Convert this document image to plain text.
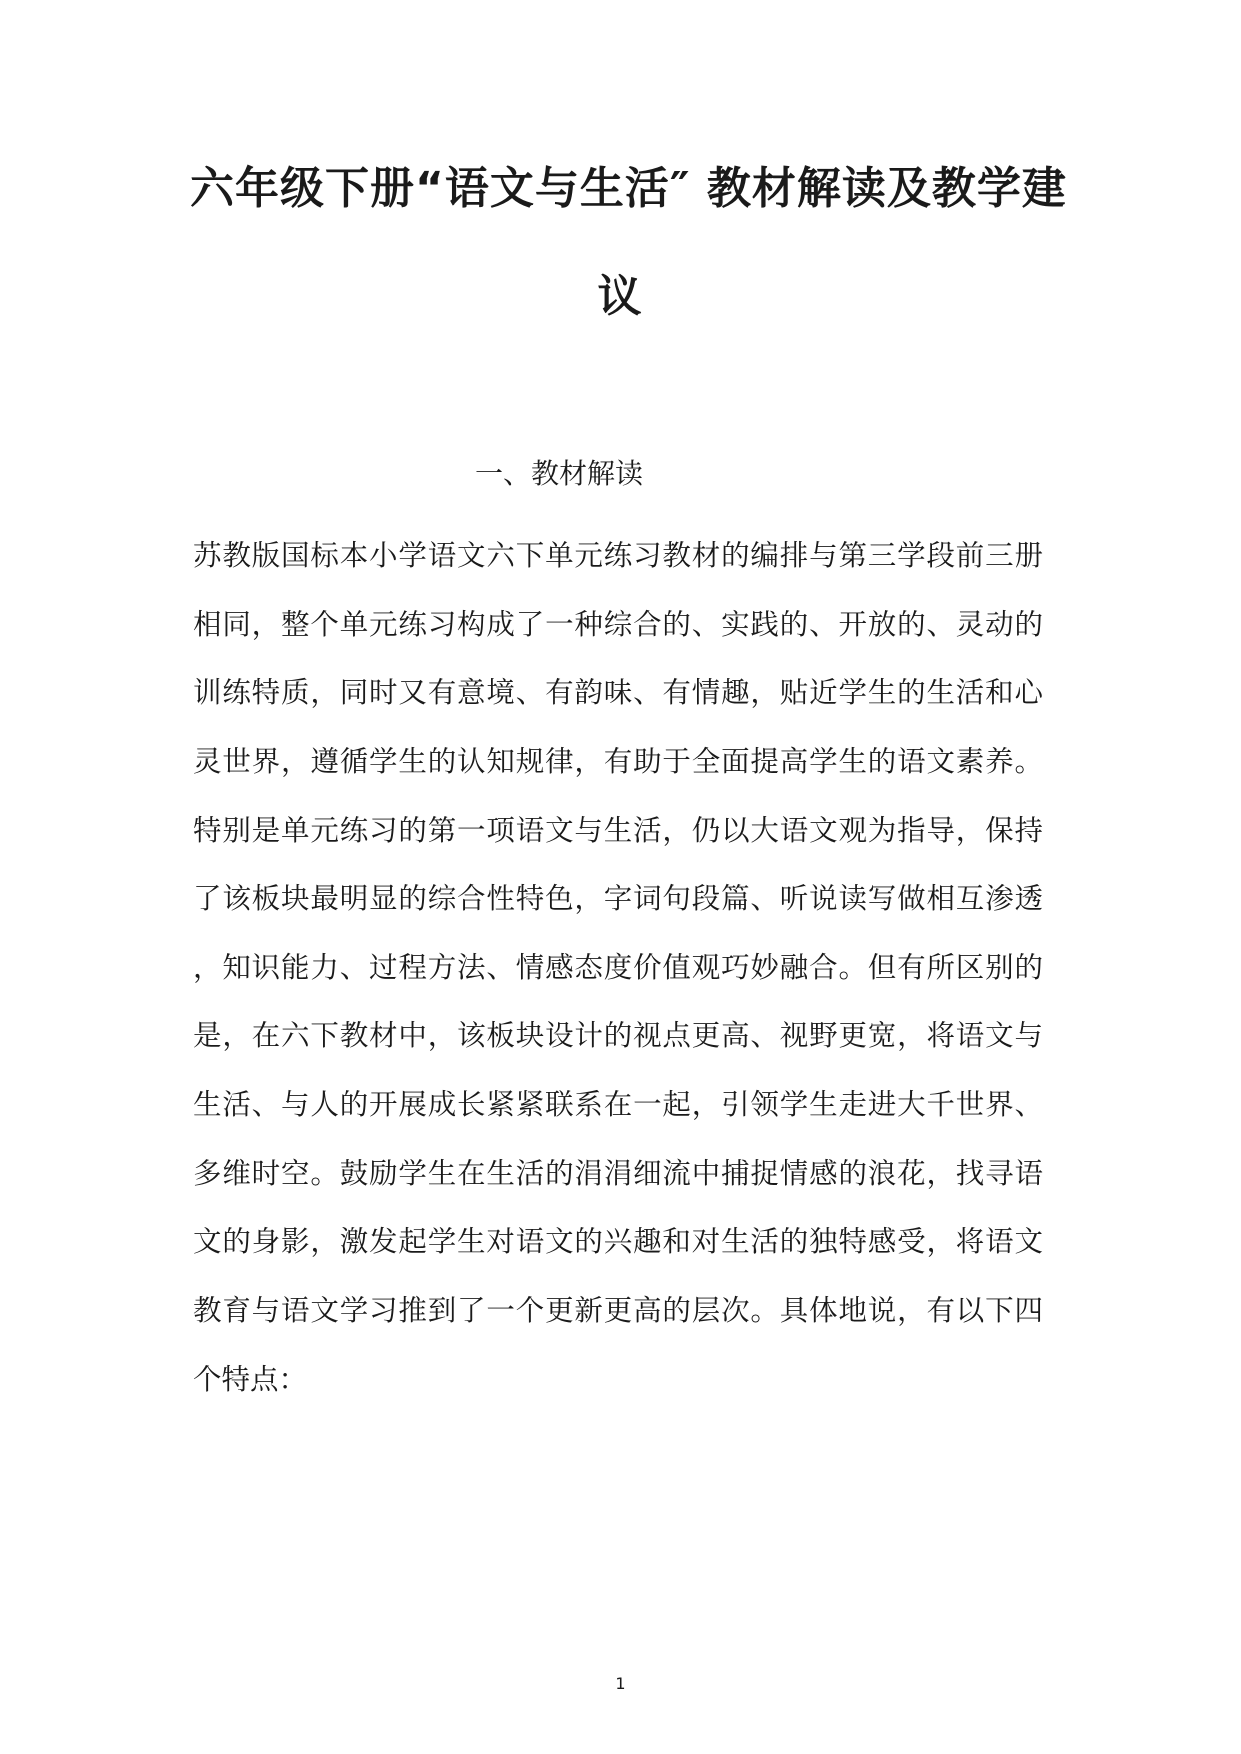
六年级下册“语文与生活″ 教材解读及教学建
议
一、教材解读
苏教版国标本小学语文六下单元练习教材的编排与第三学段前三册
相同，整个单元练习构成了一种综合的、实践的、开放的、灵动的
训练特质，同时又有意境、有韵味、有情趣，贴近学生的生活和心
灵世界，遵循学生的认知规律，有助于全面提高学生的语文素养。
特别是单元练习的第一项语文与生活，仍以大语文观为指导，保持
了该板块最明显的综合性特色，字词句段篇、听说读写做相互渗透
，知识能力、过程方法、情感态度价值观巧妙融合。但有所区别的
是，在六下教材中，该板块设计的视点更高、视野更宽，将语文与
生活、与人的开展成长紧紧联系在一起，引领学生走进大千世界、
多维时空。鼓励学生在生活的涓涓细流中捕捉情感的浪花，找寻语
文的身影，激发起学生对语文的兴趣和对生活的独特感受，将语文
教育与语文学习推到了一个更新更高的层次。具体地说，有以下四
个特点：
1
